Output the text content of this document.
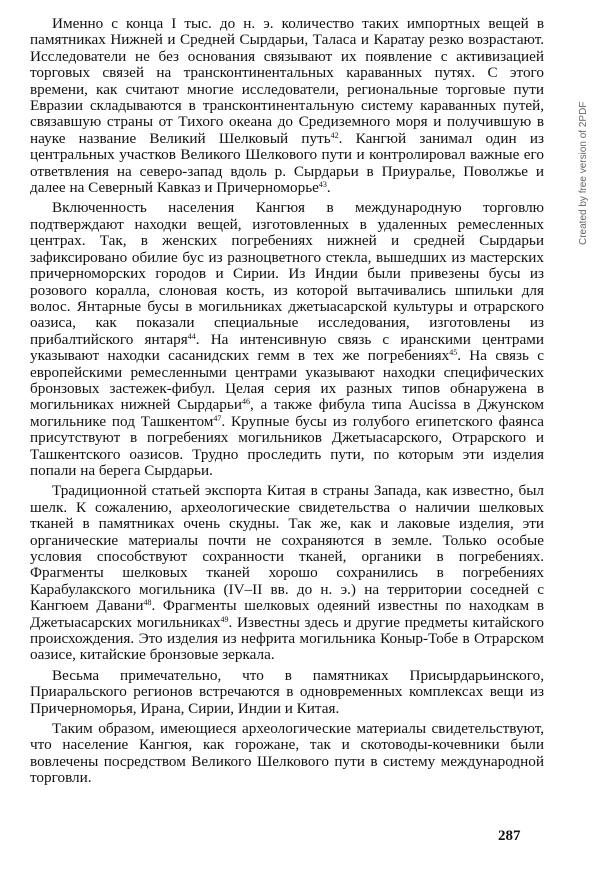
Именно с конца I тыс. до н. э. количество таких импортных вещей в памятниках Нижней и Средней Сырдарьи, Таласа и Каратау резко возрастают. Исследователи не без основания связывают их появление с активизацией торговых связей на трансконтинентальных караванных путях. С этого времени, как считают многие исследователи, региональные торговые пути Евразии складываются в трансконтинентальную систему караванных путей, связавшую страны от Тихого океана до Средиземного моря и получившую в науке название Великий Шелковый путь$^{42}$. Кангюй занимал один из центральных участков Великого Шелкового пути и контролировал важные его ответвления на северо-запад вдоль р. Сырдарьи в Приуралье, Поволжье и далее на Северный Кавказ и Причерноморье$^{43}$.

Включенность населения Кангюя в международную торговлю подтверждают находки вещей, изготовленных в удаленных ремесленных центрах. Так, в женских погребениях нижней и средней Сырдарьи зафиксировано обилие бус из разноцветного стекла, вышедших из мастерских причерноморских городов и Сирии. Из Индии были привезены бусы из розового коралла, слоновая кость, из которой вытачивались шпильки для волос. Янтарные бусы в могильниках джетыасарской культуры и отрарского оазиса, как показали специальные исследования, изготовлены из прибалтийского янтаря$^{44}$. На интенсивную связь с иранскими центрами указывают находки сасанидских гемм в тех же погребениях$^{45}$. На связь с европейскими ремесленными центрами указывают находки специфических бронзовых застежек-фибул. Целая серия их разных типов обнаружена в могильниках нижней Сырдарьи$^{46}$, а также фибула типа Aucissa в Джунском могильнике под Ташкентом$^{47}$. Крупные бусы из голубого египетского фаянса присутствуют в погребениях могильников Джетыасарского, Отрарского и Ташкентского оазисов. Трудно проследить пути, по которым эти изделия попали на берега Сырдарьи.

Традиционной статьей экспорта Китая в страны Запада, как известно, был шелк. К сожалению, археологические свидетельства о наличии шелковых тканей в памятниках очень скудны. Так же, как и лаковые изделия, эти органические материалы почти не сохраняются в земле. Только особые условия способствуют сохранности тканей, органики в погребениях. Фрагменты шелковых тканей хорошо сохранились в погребениях Карабулакского могильника (IV–II вв. до н. э.) на территории соседней с Кангюем Давани$^{48}$. Фрагменты шелковых одеяний известны по находкам в Джетыасарских могильниках$^{49}$. Известны здесь и другие предметы китайского происхождения. Это изделия из нефрита могильника Коныр-Тобе в Отрарском оазисе, китайские бронзовые зеркала.

Весьма примечательно, что в памятниках Присырдарьинского, Приаральского регионов встречаются в одновременных комплексах вещи из Причерноморья, Ирана, Сирии, Индии и Китая.

Таким образом, имеющиеся археологические материалы свидетельствуют, что население Кангюя, как горожане, так и скотоводы-кочевники были вовлечены посредством Великого Шелкового пути в систему международной торговли.

287
Created by free version of 2PDF
